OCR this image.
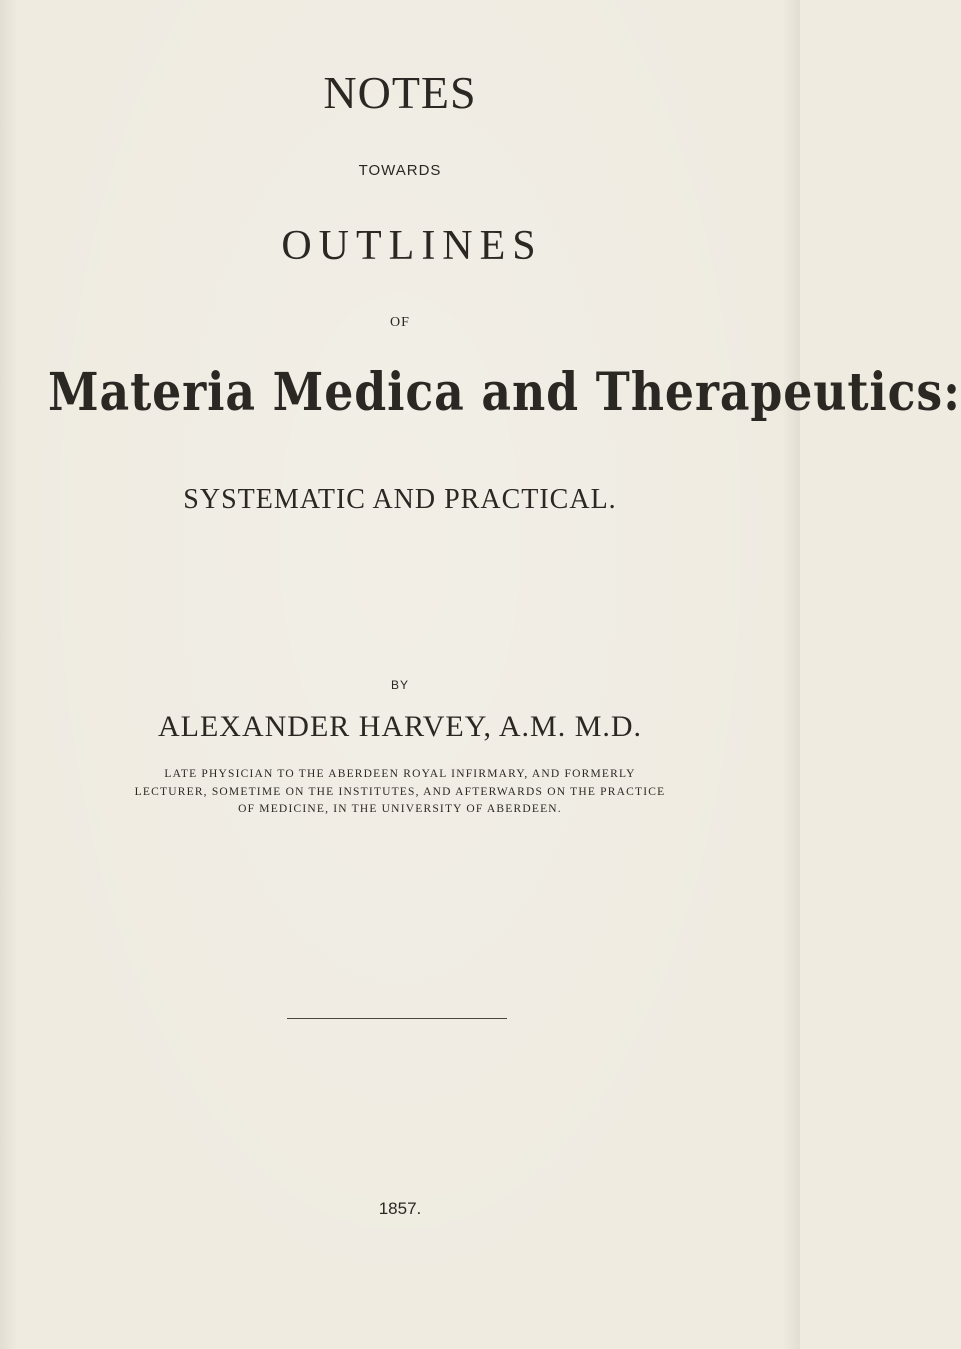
NOTES
TOWARDS
OUTLINES
OF
Materia Medica and Therapeutics:
SYSTEMATIC AND PRACTICAL.
BY
ALEXANDER HARVEY, A.M. M.D.
LATE PHYSICIAN TO THE ABERDEEN ROYAL INFIRMARY, AND FORMERLY
LECTURER, SOMETIME ON THE INSTITUTES, AND AFTERWARDS ON THE PRACTICE
OF MEDICINE, IN THE UNIVERSITY OF ABERDEEN.
1857.
